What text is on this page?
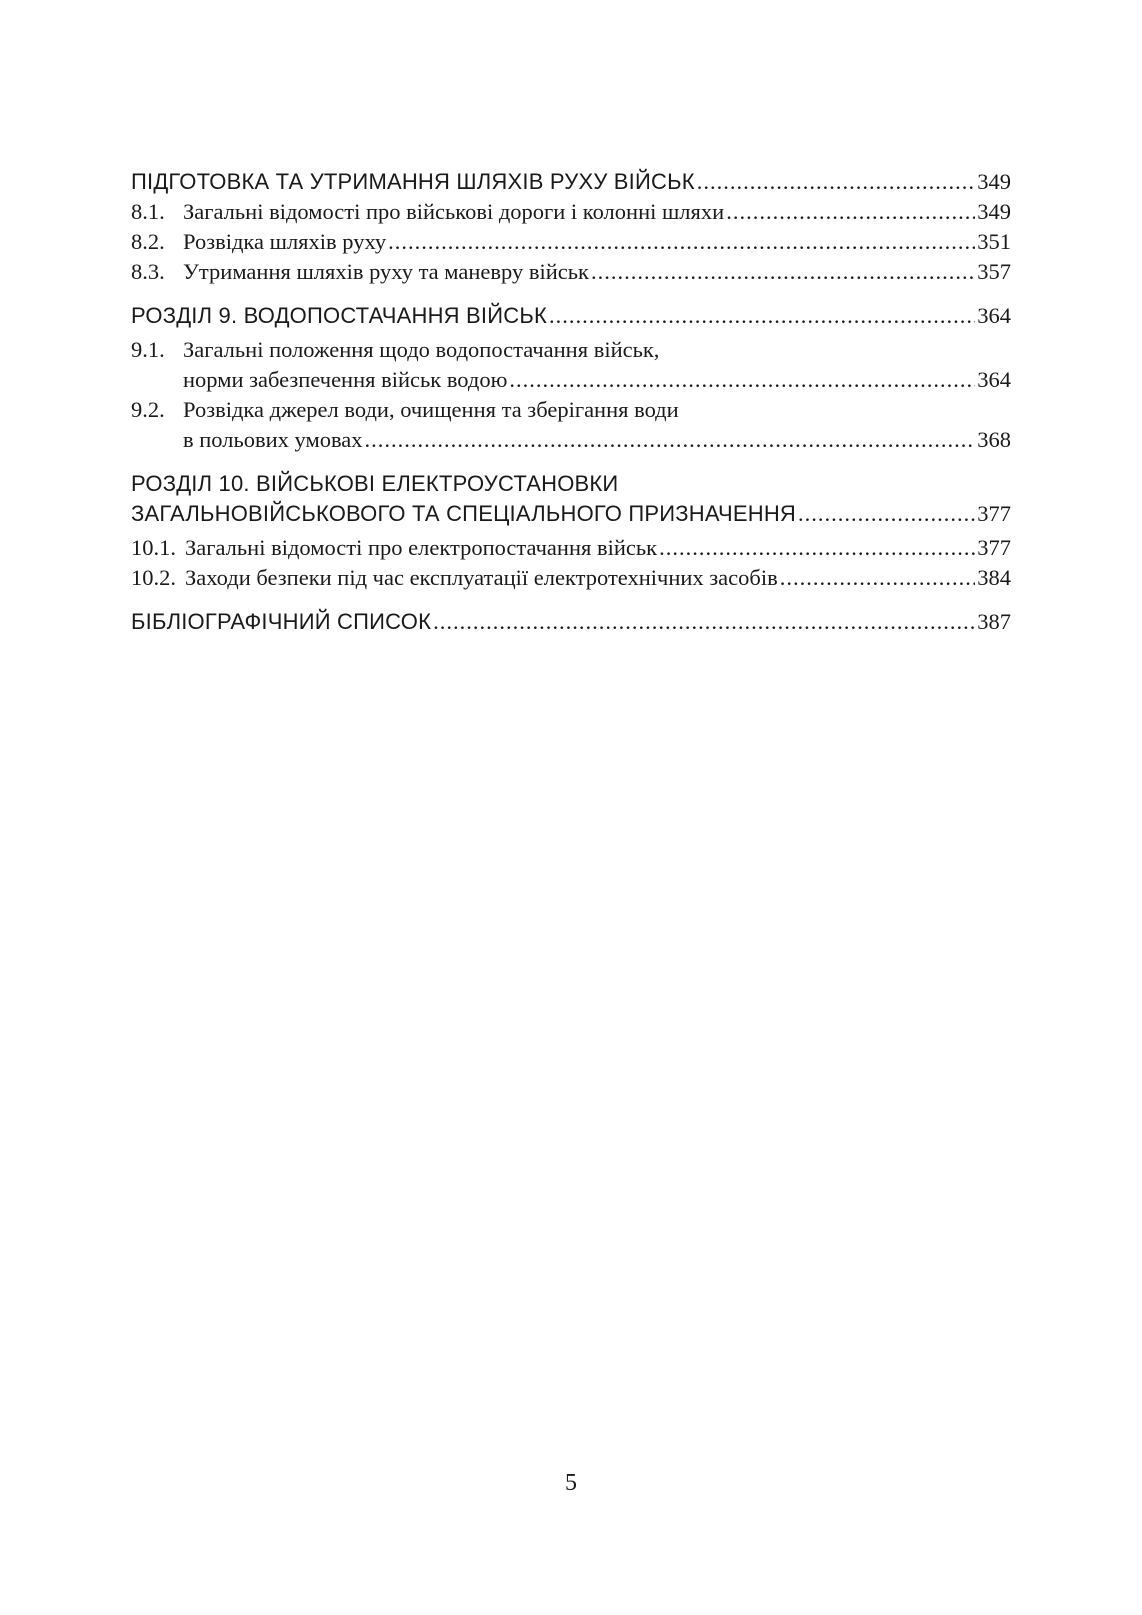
ПІДГОТОВКА ТА УТРИМАННЯ ШЛЯХІВ РУХУ ВІЙСЬК .....	349
8.1. Загальні відомості про військові дороги і колонні шляхи .....	349
8.2. Розвідка шляхів руху .....	351
8.3. Утримання шляхів руху та маневру військ .....	357
РОЗДІЛ 9. ВОДОПОСТАЧАННЯ ВІЙСЬК .....	364
9.1. Загальні положення щодо водопостачання військ,
норми забезпечення військ водою .....	364
9.2. Розвідка джерел води, очищення та зберігання води
в польових умовах .....	368
РОЗДІЛ 10. ВІЙСЬКОВІ ЕЛЕКТРОУСТАНОВКИ
ЗАГАЛЬНОВІЙСЬКОВОГО ТА СПЕЦІАЛЬНОГО ПРИЗНАЧЕННЯ .....	377
10.1. Загальні відомості про електропостачання військ .....	377
10.2. Заходи безпеки під час експлуатації електротехнічних засобів .....	384
БІБЛІОГРАФІЧНИЙ СПИСОК .....	387
5
